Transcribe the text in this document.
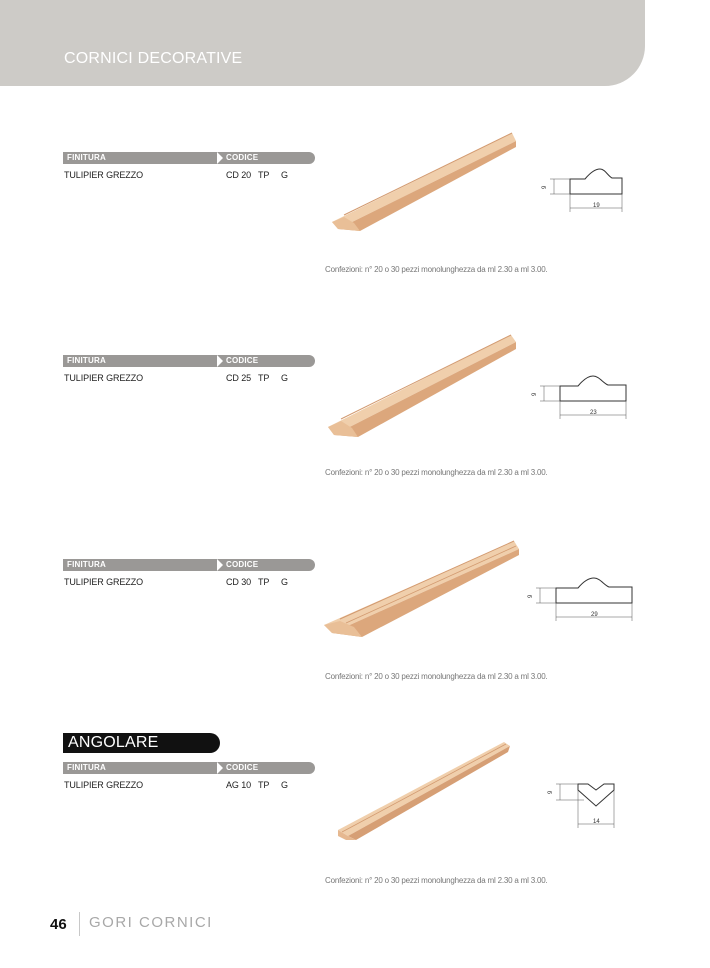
CORNICI DECORATIVE
FINITURA	CODICE
TULIPIER GREZZO	CD 20 TP G
9
19
Confezioni: n° 20 o 30 pezzi monolunghezza da ml 2.30 a ml 3.00.
FINITURA	CODICE
TULIPIER GREZZO	CD 25 TP G
9
23
Confezioni: n° 20 o 30 pezzi monolunghezza da ml 2.30 a ml 3.00.
FINITURA	CODICE
TULIPIER GREZZO	CD 30 TP G
9
29
Confezioni: n° 20 o 30 pezzi monolunghezza da ml 2.30 a ml 3.00.
ANGOLARE
FINITURA	CODICE
TULIPIER GREZZO	AG 10 TP G
9
14
Confezioni: n° 20 o 30 pezzi monolunghezza da ml 2.30 a ml 3.00.
46 GORI CORNICI
